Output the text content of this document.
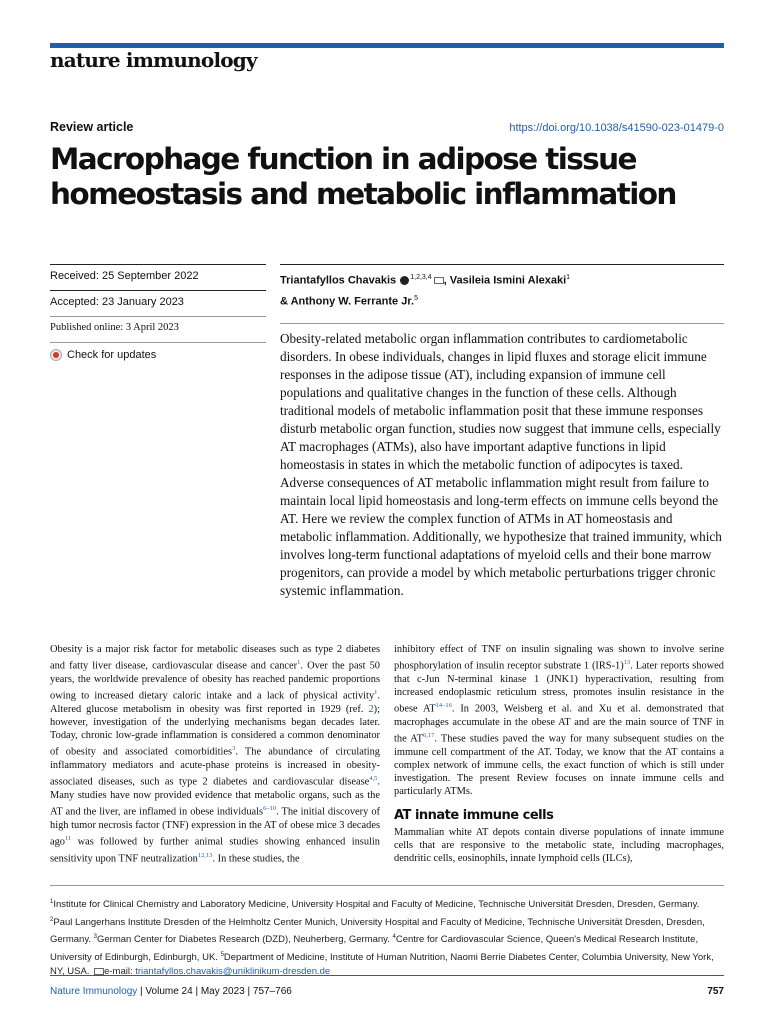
nature immunology
Review article	https://doi.org/10.1038/s41590-023-01479-0
Macrophage function in adipose tissue homeostasis and metabolic inflammation
Received: 25 September 2022
Accepted: 23 January 2023
Published online: 3 April 2023
Check for updates
Triantafyllos Chavakis $^{1,2,3,4}$ , Vasileia Ismini Alexaki$^1$
& Anthony W. Ferrante Jr.$^5$

Obesity-related metabolic organ inflammation contributes to cardiometabolic disorders. In obese individuals, changes in lipid fluxes and storage elicit immune responses in the adipose tissue (AT), including expansion of immune cell populations and qualitative changes in the function of these cells. Although traditional models of metabolic inflammation posit that these immune responses disturb metabolic organ function, studies now suggest that immune cells, especially AT macrophages (ATMs), also have important adaptive functions in lipid homeostasis in states in which the metabolic function of adipocytes is taxed. Adverse consequences of AT metabolic inflammation might result from failure to maintain local lipid homeostasis and long-term effects on immune cells beyond the AT. Here we review the complex function of ATMs in AT homeostasis and metabolic inflammation. Additionally, we hypothesize that trained immunity, which involves long-term functional adaptations of myeloid cells and their bone marrow progenitors, can provide a model by which metabolic perturbations trigger chronic systemic inflammation.

Obesity is a major risk factor for metabolic diseases such as type 2 diabetes and fatty liver disease, cardiovascular disease and cancer$^1$. Over the past 50 years, the worldwide prevalence of obesity has reached pandemic proportions owing to increased dietary caloric intake and a lack of physical activity$^1$. Altered glucose metabolism in obesity was first reported in 1929 (ref. 2); however, investigation of the underlying mechanisms began decades later. Today, chronic low-grade inflammation is considered a common denominator of obesity and associated comorbidities$^3$. The abundance of circulating inflammatory mediators and acute-phase proteins is increased in obesity-associated diseases, such as type 2 diabetes and cardiovascular disease$^{4,5}$. Many studies have now provided evidence that metabolic organs, such as the AT and the liver, are inflamed in obese individuals$^{6-10}$. The initial discovery of high tumor necrosis factor (TNF) expression in the AT of obese mice 3 decades ago$^{11}$ was followed by further animal studies showing enhanced insulin sensitivity upon TNF neutralization$^{12,13}$. In these studies, the
inhibitory effect of TNF on insulin signaling was shown to involve serine phosphorylation of insulin receptor substrate 1 (IRS-1)$^{13}$. Later reports showed that c-Jun N-terminal kinase 1 (JNK1) hyperactivation, resulting from increased endoplasmic reticulum stress, promotes insulin resistance in the obese AT$^{14-16}$. In 2003, Weisberg et al. and Xu et al. demonstrated that macrophages accumulate in the obese AT and are the main source of TNF in the AT$^{6,17}$. These studies paved the way for many subsequent studies on the immune cell compartment of the AT. Today, we know that the AT contains a complex network of immune cells, the exact function of which is still under investigation. The present Review focuses on innate immune cells and particularly ATMs.
AT innate immune cells
Mammalian white AT depots contain diverse populations of innate immune cells that are responsive to the metabolic state, including macrophages, dendritic cells, eosinophils, innate lymphoid cells (ILCs),
$^1$Institute for Clinical Chemistry and Laboratory Medicine, University Hospital and Faculty of Medicine, Technische Universität Dresden, Dresden, Germany. $^2$Paul Langerhans Institute Dresden of the Helmholtz Center Munich, University Hospital and Faculty of Medicine, Technische Universität Dresden, Dresden, Germany. $^3$German Center for Diabetes Research (DZD), Neuherberg, Germany. $^4$Centre for Cardiovascular Science, Queen's Medical Research Institute, University of Edinburgh, Edinburgh, UK. $^5$Department of Medicine, Institute of Human Nutrition, Naomi Berrie Diabetes Center, Columbia University, New York, NY, USA. e-mail: triantafyllos.chavakis@uniklinikum-dresden.de
Nature Immunology | Volume 24 | May 2023 | 757–766	757
